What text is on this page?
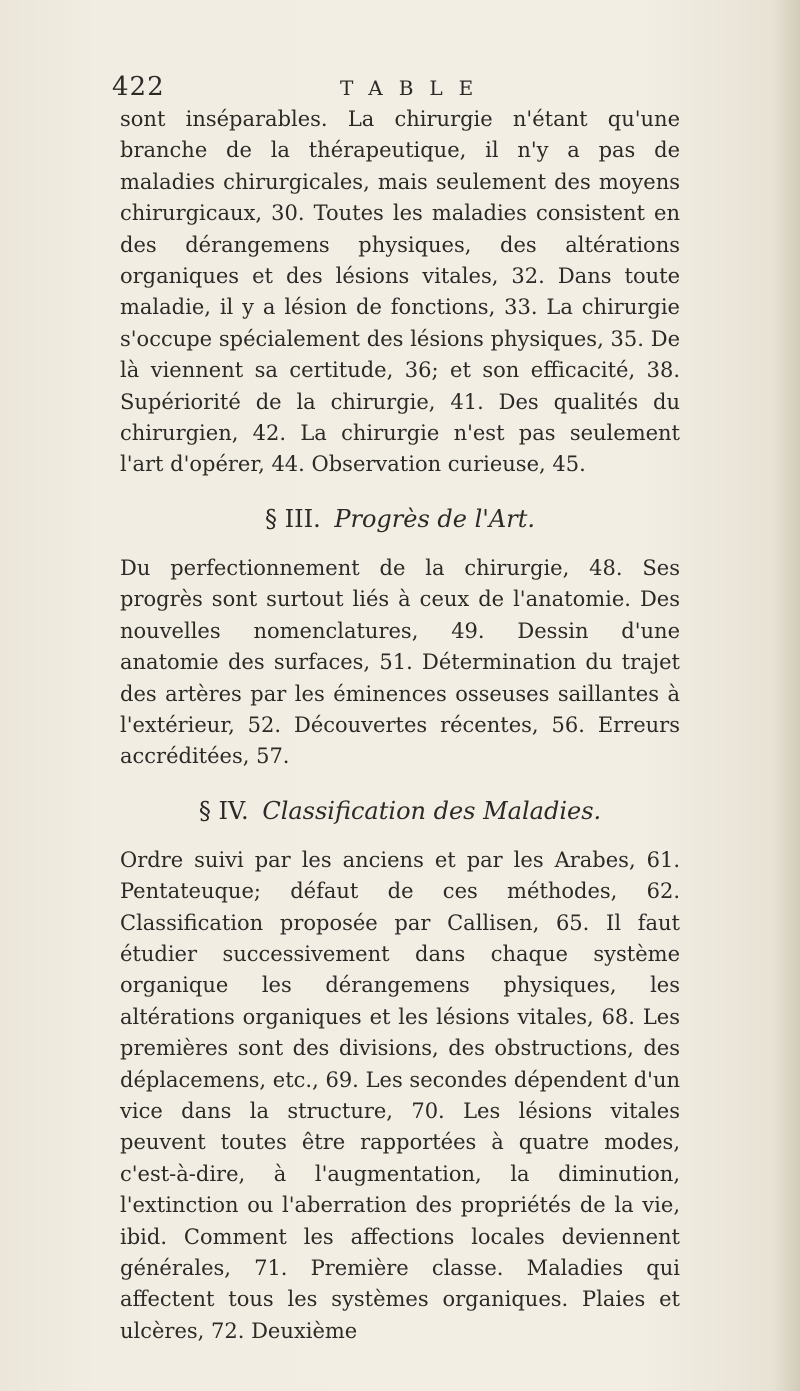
422	TABLE

sont inséparables. La chirurgie n'étant qu'une branche de la thérapeutique, il n'y a pas de maladies chirurgicales, mais seulement des moyens chirurgicaux, 30. Toutes les maladies consistent en des dérangemens physiques, des altérations organiques et des lésions vitales, 32. Dans toute maladie, il y a lésion de fonctions, 33. La chirurgie s'occupe spécialement des lésions physiques, 35. De là viennent sa certitude, 36; et son efficacité, 38. Supériorité de la chirurgie, 41. Des qualités du chirurgien, 42. La chirurgie n'est pas seulement l'art d'opérer, 44. Observation curieuse, 45.

§ III. Progrès de l'Art.

Du perfectionnement de la chirurgie, 48. Ses progrès sont surtout liés à ceux de l'anatomie. Des nouvelles nomenclatures, 49. Dessin d'une anatomie des surfaces, 51. Détermination du trajet des artères par les éminences osseuses saillantes à l'extérieur, 52. Découvertes récentes, 56. Erreurs accréditées, 57.

§ IV. Classification des Maladies.

Ordre suivi par les anciens et par les Arabes, 61. Pentateuque; défaut de ces méthodes, 62. Classification proposée par Callisen, 65. Il faut étudier successivement dans chaque système organique les dérangemens physiques, les altérations organiques et les lésions vitales, 68. Les premières sont des divisions, des obstructions, des déplacemens, etc., 69. Les secondes dépendent d'un vice dans la structure, 70. Les lésions vitales peuvent toutes être rapportées à quatre modes, c'est-à-dire, à l'augmentation, la diminution, l'extinction ou l'aberration des propriétés de la vie, ibid. Comment les affections locales deviennent générales, 71. Première classe. Maladies qui affectent tous les systèmes organiques. Plaies et ulcères, 72. Deuxième
